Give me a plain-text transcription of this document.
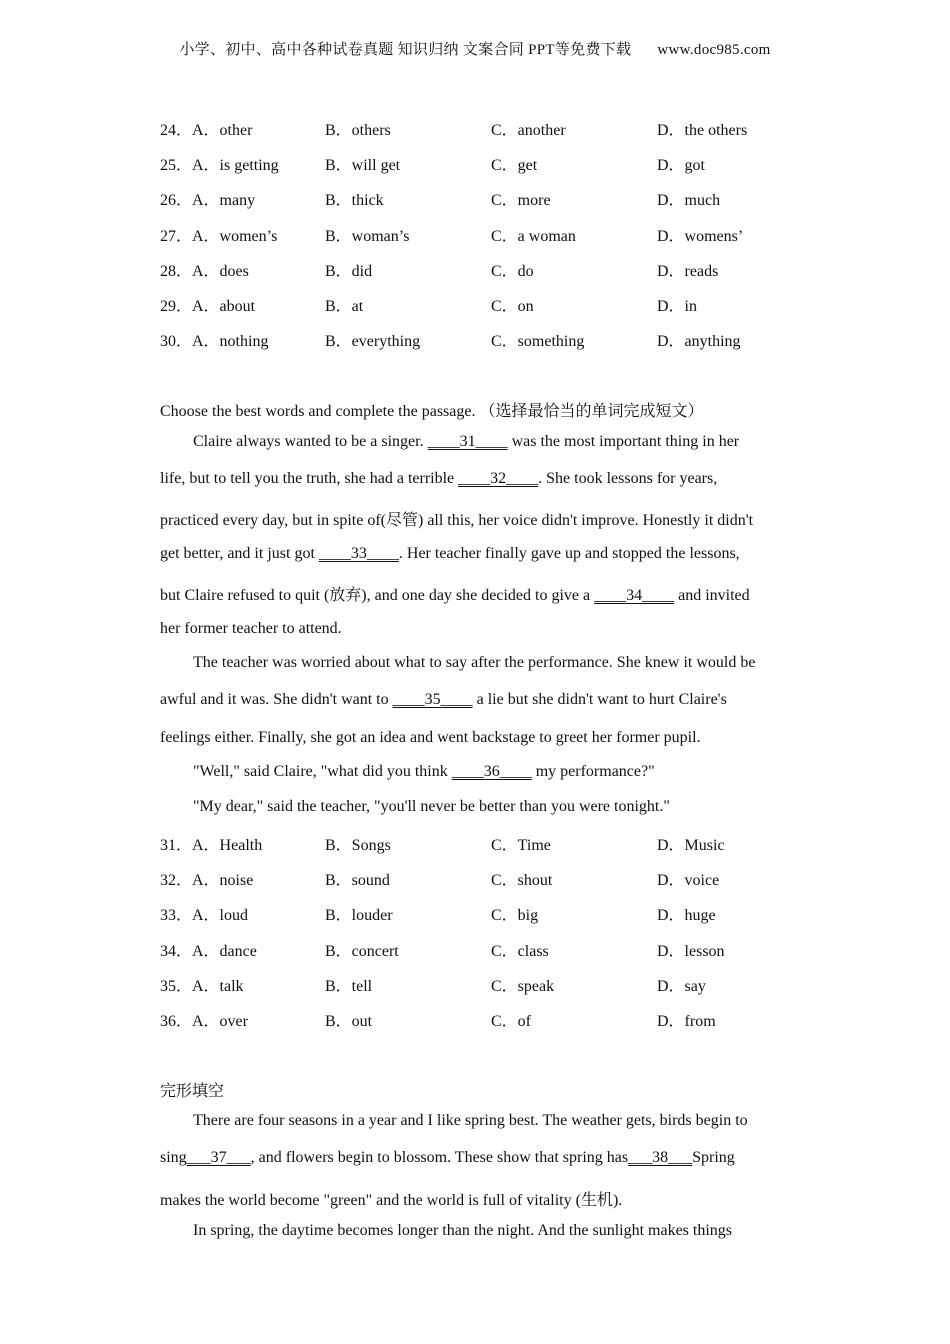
小学、初中、高中各种试卷真题 知识归纳 文案合同 PPT等免费下载 www.doc985.com
24．A．other	B．others	C．another	D．the others
25．A．is getting	B．will get	C．get	D．got
26．A．many	B．thick	C．more	D．much
27．A．women’s	B．woman’s	C．a woman	D．womens’
28．A．does	B．did	C．do	D．reads
29．A．about	B．at	C．on	D．in
30．A．nothing	B．everything	C．something	D．anything
Choose the best words and complete the passage. （选择最恰当的单词完成短文）
Claire always wanted to be a singer. ____31____ was the most important thing in her
life, but to tell you the truth, she had a terrible ____32____. She took lessons for years,
practiced every day, but in spite of(尽管) all this, her voice didn't improve. Honestly it didn't
get better, and it just got ____33____. Her teacher finally gave up and stopped the lessons,
but Claire refused to quit (放弃), and one day she decided to give a ____34____ and invited
her former teacher to attend.
The teacher was worried about what to say after the performance. She knew it would be
awful and it was. She didn't want to ____35____ a lie but she didn't want to hurt Claire's
feelings either. Finally, she got an idea and went backstage to greet her former pupil.
"Well," said Claire, "what did you think ____36____ my performance?"
"My dear," said the teacher, "you'll never be better than you were tonight."
31．A．Health	B．Songs	C．Time	D．Music
32．A．noise	B．sound	C．shout	D．voice
33．A．loud	B．louder	C．big	D．huge
34．A．dance	B．concert	C．class	D．lesson
35．A．talk	B．tell	C．speak	D．say
36．A．over	B．out	C．of	D．from
完形填空
There are four seasons in a year and I like spring best. The weather gets, birds begin to
sing___37___, and flowers begin to blossom. These show that spring has___38___Spring
makes the world become "green" and the world is full of vitality (生机).
In spring, the daytime becomes longer than the night. And the sunlight makes things
